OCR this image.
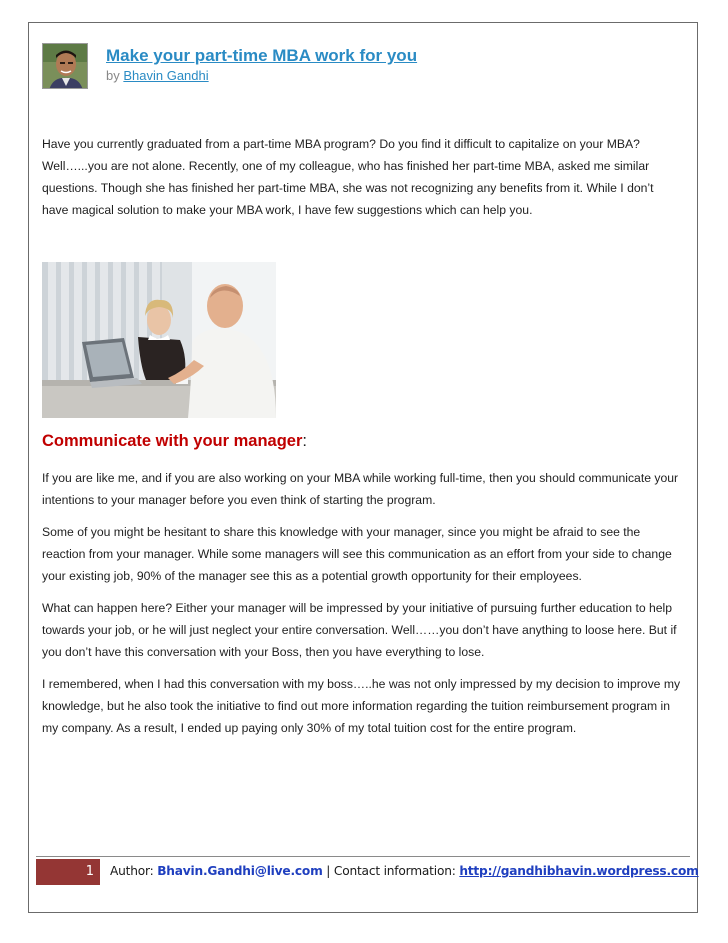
Make your part-time MBA work for you
by Bhavin Gandhi
Have you currently graduated from a part-time MBA program? Do you find it difficult to capitalize on your MBA? Well…...you are not alone. Recently, one of my colleague, who has finished her part-time MBA, asked me similar questions. Though she has finished her part-time MBA, she was not recognizing any benefits from it. While I don’t have magical solution to make your MBA work, I have few suggestions which can help you.
Communicate with your manager:
If you are like me, and if you are also working on your MBA while working full-time, then you should communicate your intentions to your manager before you even think of starting the program.
Some of you might be hesitant to share this knowledge with your manager, since you might be afraid to see the reaction from your manager. While some managers will see this communication as an effort from your side to change your existing job, 90% of the manager see this as a potential growth opportunity for their employees.
What can happen here? Either your manager will be impressed by your initiative of pursuing further education to help towards your job, or he will just neglect your entire conversation. Well……you don’t have anything to loose here. But if you don’t have this conversation with your Boss, then you have everything to lose.
I remembered, when I had this conversation with my boss…..he was not only impressed by my decision to improve my knowledge, but he also took the initiative to find out more information regarding the tuition reimbursement program in my company. As a result, I ended up paying only 30% of my total tuition cost for the entire program.
1	Author: Bhavin.Gandhi@live.com | Contact information: http://gandhibhavin.wordpress.com
